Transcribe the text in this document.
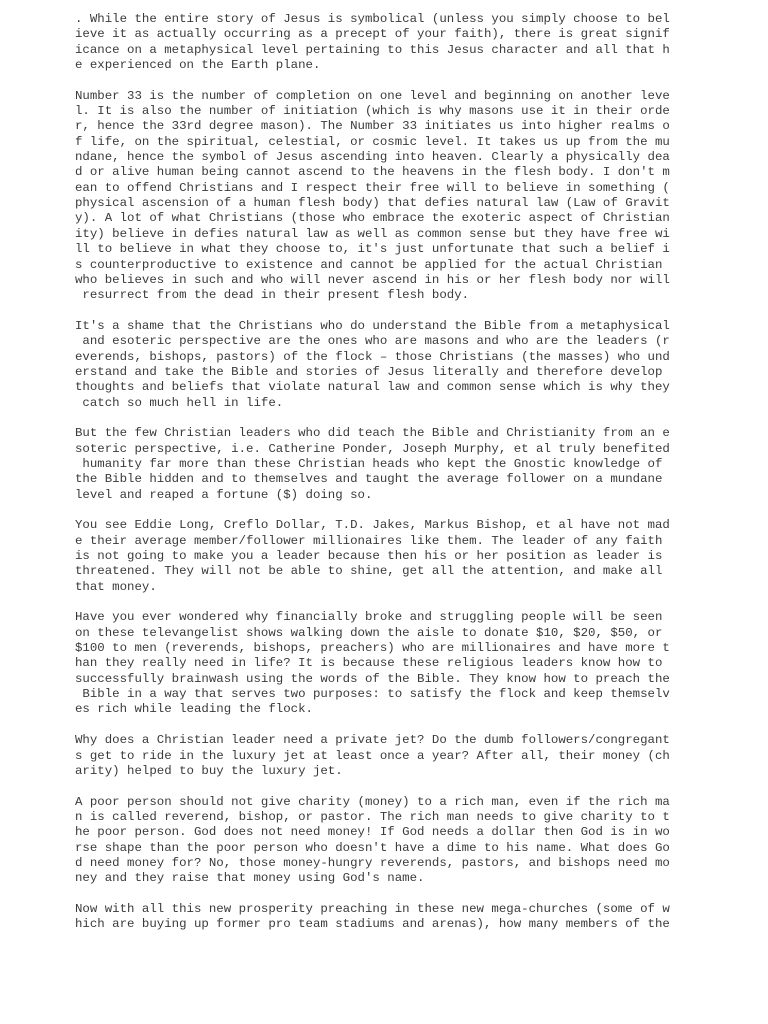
. While the entire story of Jesus is symbolical (unless you simply choose to bel
ieve it as actually occurring as a precept of your faith), there is great signif
icance on a metaphysical level pertaining to this Jesus character and all that h
e experienced on the Earth plane.
Number 33 is the number of completion on one level and beginning on another leve
l. It is also the number of initiation (which is why masons use it in their orde
r, hence the 33rd degree mason). The Number 33 initiates us into higher realms o
f life, on the spiritual, celestial, or cosmic level. It takes us up from the mu
ndane, hence the symbol of Jesus ascending into heaven. Clearly a physically dea
d or alive human being cannot ascend to the heavens in the flesh body. I don't m
ean to offend Christians and I respect their free will to believe in something (
physical ascension of a human flesh body) that defies natural law (Law of Gravit
y). A lot of what Christians (those who embrace the exoteric aspect of Christian
ity) believe in defies natural law as well as common sense but they have free wi
ll to believe in what they choose to, it's just unfortunate that such a belief i
s counterproductive to existence and cannot be applied for the actual Christian
who believes in such and who will never ascend in his or her flesh body nor will
resurrect from the dead in their present flesh body.
It's a shame that the Christians who do understand the Bible from a metaphysical
and esoteric perspective are the ones who are masons and who are the leaders (r
everends, bishops, pastors) of the flock – those Christians (the masses) who und
erstand and take the Bible and stories of Jesus literally and therefore develop
thoughts and beliefs that violate natural law and common sense which is why they
catch so much hell in life.
But the few Christian leaders who did teach the Bible and Christianity from an e
soteric perspective, i.e. Catherine Ponder, Joseph Murphy, et al truly benefited
humanity far more than these Christian heads who kept the Gnostic knowledge of
the Bible hidden and to themselves and taught the average follower on a mundane
level and reaped a fortune ($) doing so.
You see Eddie Long, Creflo Dollar, T.D. Jakes, Markus Bishop, et al have not mad
e their average member/follower millionaires like them. The leader of any faith
is not going to make you a leader because then his or her position as leader is
threatened. They will not be able to shine, get all the attention, and make all
that money.
Have you ever wondered why financially broke and struggling people will be seen
on these televangelist shows walking down the aisle to donate $10, $20, $50, or
$100 to men (reverends, bishops, preachers) who are millionaires and have more t
han they really need in life? It is because these religious leaders know how to
successfully brainwash using the words of the Bible. They know how to preach the
Bible in a way that serves two purposes: to satisfy the flock and keep themselv
es rich while leading the flock.
Why does a Christian leader need a private jet? Do the dumb followers/congregant
s get to ride in the luxury jet at least once a year? After all, their money (ch
arity) helped to buy the luxury jet.
A poor person should not give charity (money) to a rich man, even if the rich ma
n is called reverend, bishop, or pastor. The rich man needs to give charity to t
he poor person. God does not need money! If God needs a dollar then God is in wo
rse shape than the poor person who doesn't have a dime to his name. What does Go
d need money for? No, those money-hungry reverends, pastors, and bishops need mo
ney and they raise that money using God's name.
Now with all this new prosperity preaching in these new mega-churches (some of w
hich are buying up former pro team stadiums and arenas), how many members of the
